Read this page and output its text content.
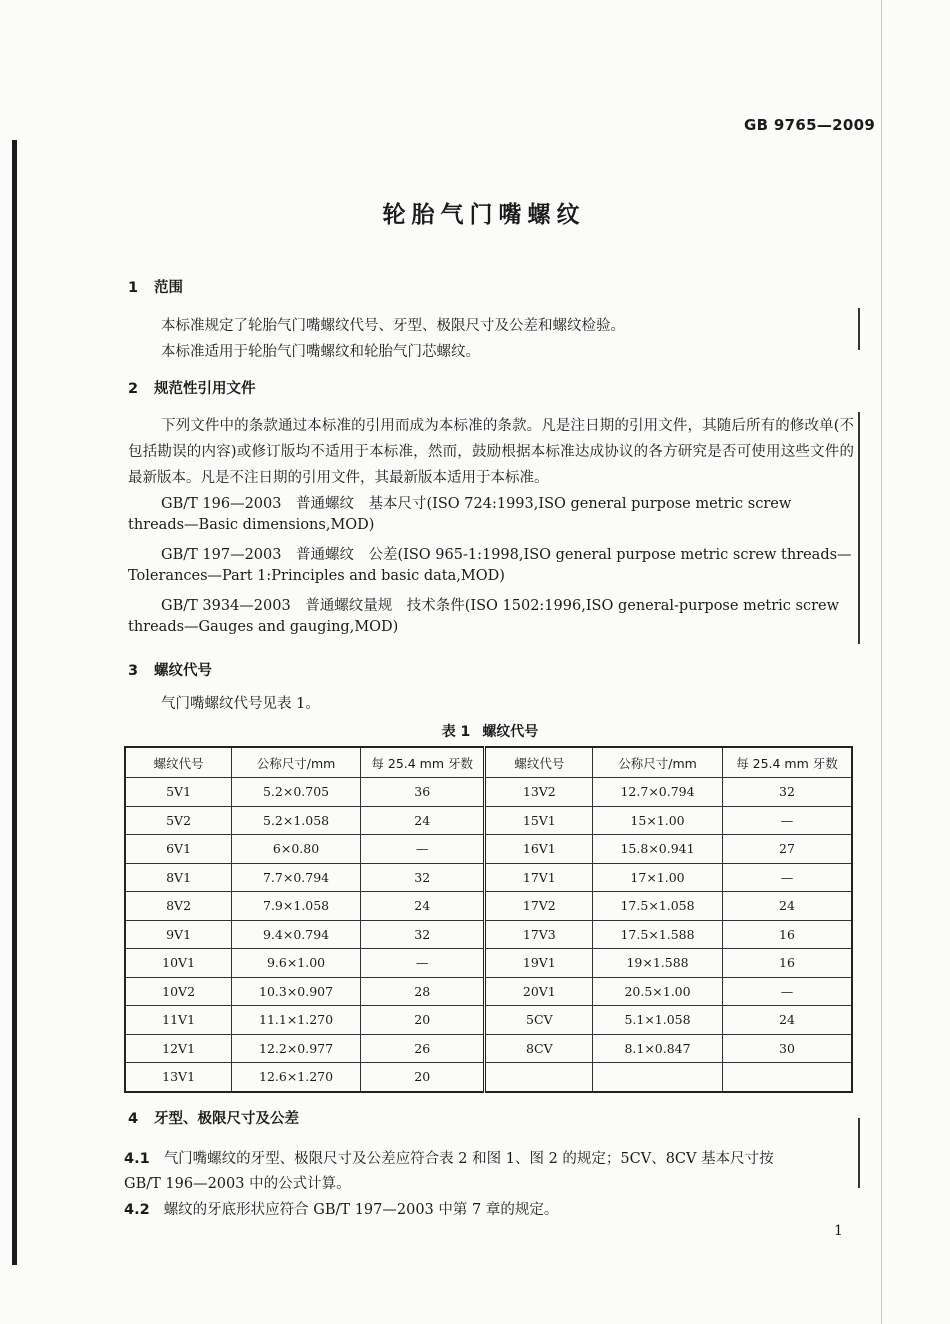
GB 9765—2009
轮胎气门嘴螺纹
1 范围
本标准规定了轮胎气门嘴螺纹代号、牙型、极限尺寸及公差和螺纹检验。
本标准适用于轮胎气门嘴螺纹和轮胎气门芯螺纹。
2 规范性引用文件
下列文件中的条款通过本标准的引用而成为本标准的条款。凡是注日期的引用文件，其随后所有的修改单(不包括勘误的内容)或修订版均不适用于本标准，然而，鼓励根据本标准达成协议的各方研究是否可使用这些文件的最新版本。凡是不注日期的引用文件，其最新版本适用于本标准。
GB/T 196—2003　普通螺纹　基本尺寸(ISO 724:1993,ISO general purpose metric screw
threads—Basic dimensions,MOD)
GB/T 197—2003　普通螺纹　公差(ISO 965-1:1998,ISO general purpose metric screw threads—
Tolerances—Part 1:Principles and basic data,MOD)
GB/T 3934—2003　普通螺纹量规　技术条件(ISO 1502:1996,ISO general-purpose metric screw
threads—Gauges and gauging,MOD)
3 螺纹代号
气门嘴螺纹代号见表 1。
表 1 螺纹代号
螺纹代号	公称尺寸/mm	每 25.4 mm 牙数	螺纹代号	公称尺寸/mm	每 25.4 mm 牙数
5V1	5.2×0.705	36	13V2	12.7×0.794	32
5V2	5.2×1.058	24	15V1	15×1.00	—
6V1	6×0.80	—	16V1	15.8×0.941	27
8V1	7.7×0.794	32	17V1	17×1.00	—
8V2	7.9×1.058	24	17V2	17.5×1.058	24
9V1	9.4×0.794	32	17V3	17.5×1.588	16
10V1	9.6×1.00	—	19V1	19×1.588	16
10V2	10.3×0.907	28	20V1	20.5×1.00	—
11V1	11.1×1.270	20	5CV	5.1×1.058	24
12V1	12.2×0.977	26	8CV	8.1×0.847	30
13V1	12.6×1.270	20			
4 牙型、极限尺寸及公差
4.1 气门嘴螺纹的牙型、极限尺寸及公差应符合表 2 和图 1、图 2 的规定；5CV、8CV 基本尺寸按
GB/T 196—2003 中的公式计算。
4.2 螺纹的牙底形状应符合 GB/T 197—2003 中第 7 章的规定。
1
